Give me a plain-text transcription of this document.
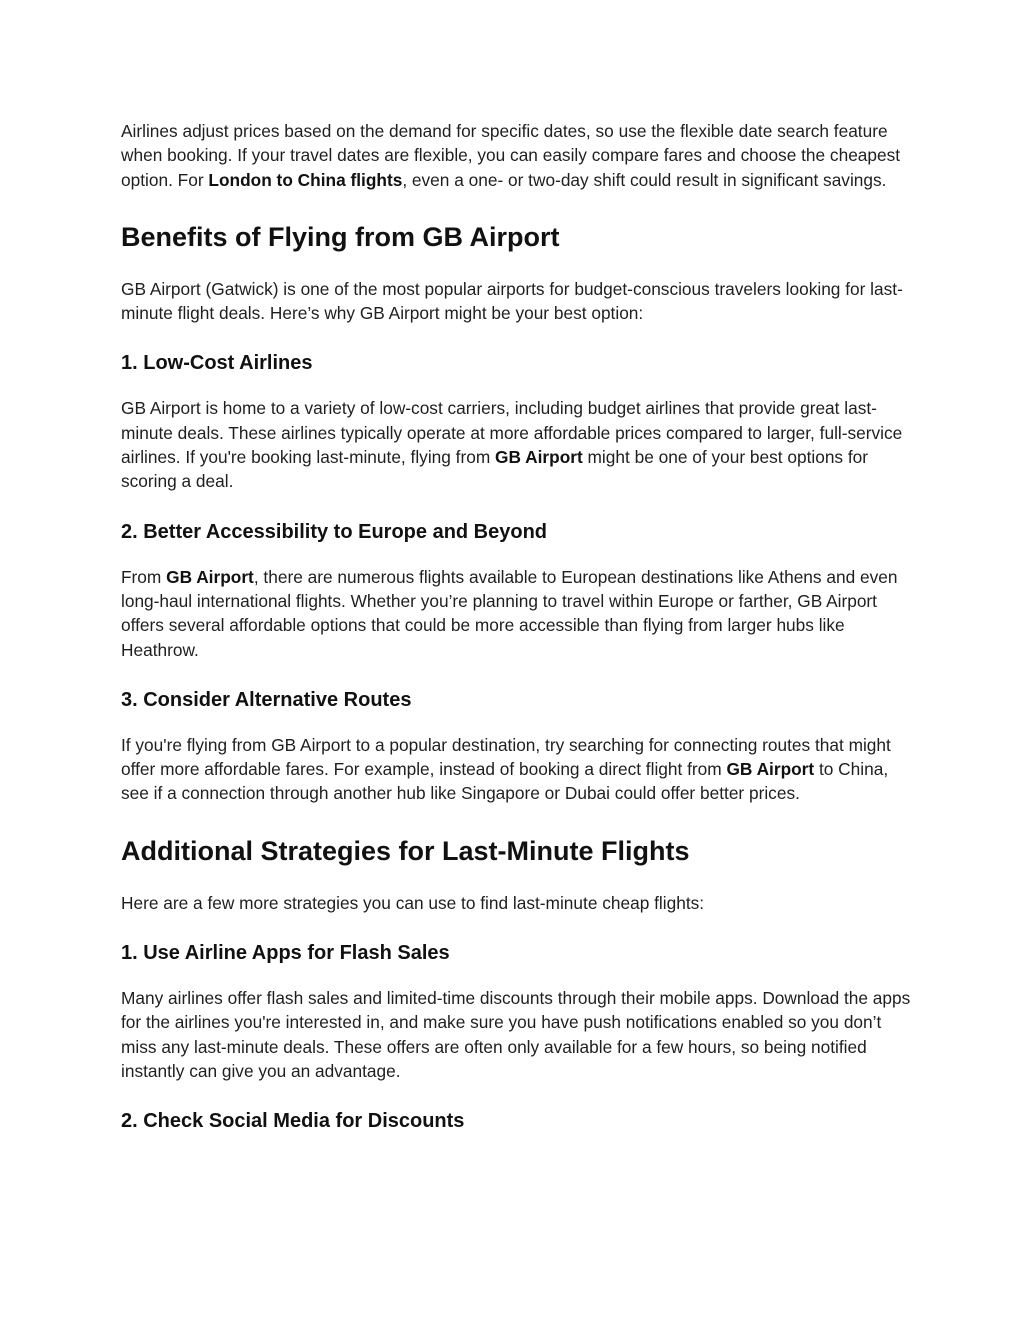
Airlines adjust prices based on the demand for specific dates, so use the flexible date search feature when booking. If your travel dates are flexible, you can easily compare fares and choose the cheapest option. For London to China flights, even a one- or two-day shift could result in significant savings.

Benefits of Flying from GB Airport

GB Airport (Gatwick) is one of the most popular airports for budget-conscious travelers looking for last-minute flight deals. Here’s why GB Airport might be your best option:

1. Low-Cost Airlines

GB Airport is home to a variety of low-cost carriers, including budget airlines that provide great last-minute deals. These airlines typically operate at more affordable prices compared to larger, full-service airlines. If you're booking last-minute, flying from GB Airport might be one of your best options for scoring a deal.

2. Better Accessibility to Europe and Beyond

From GB Airport, there are numerous flights available to European destinations like Athens and even long-haul international flights. Whether you’re planning to travel within Europe or farther, GB Airport offers several affordable options that could be more accessible than flying from larger hubs like Heathrow.

3. Consider Alternative Routes

If you're flying from GB Airport to a popular destination, try searching for connecting routes that might offer more affordable fares. For example, instead of booking a direct flight from GB Airport to China, see if a connection through another hub like Singapore or Dubai could offer better prices.

Additional Strategies for Last-Minute Flights

Here are a few more strategies you can use to find last-minute cheap flights:

1. Use Airline Apps for Flash Sales

Many airlines offer flash sales and limited-time discounts through their mobile apps. Download the apps for the airlines you're interested in, and make sure you have push notifications enabled so you don’t miss any last-minute deals. These offers are often only available for a few hours, so being notified instantly can give you an advantage.

2. Check Social Media for Discounts
